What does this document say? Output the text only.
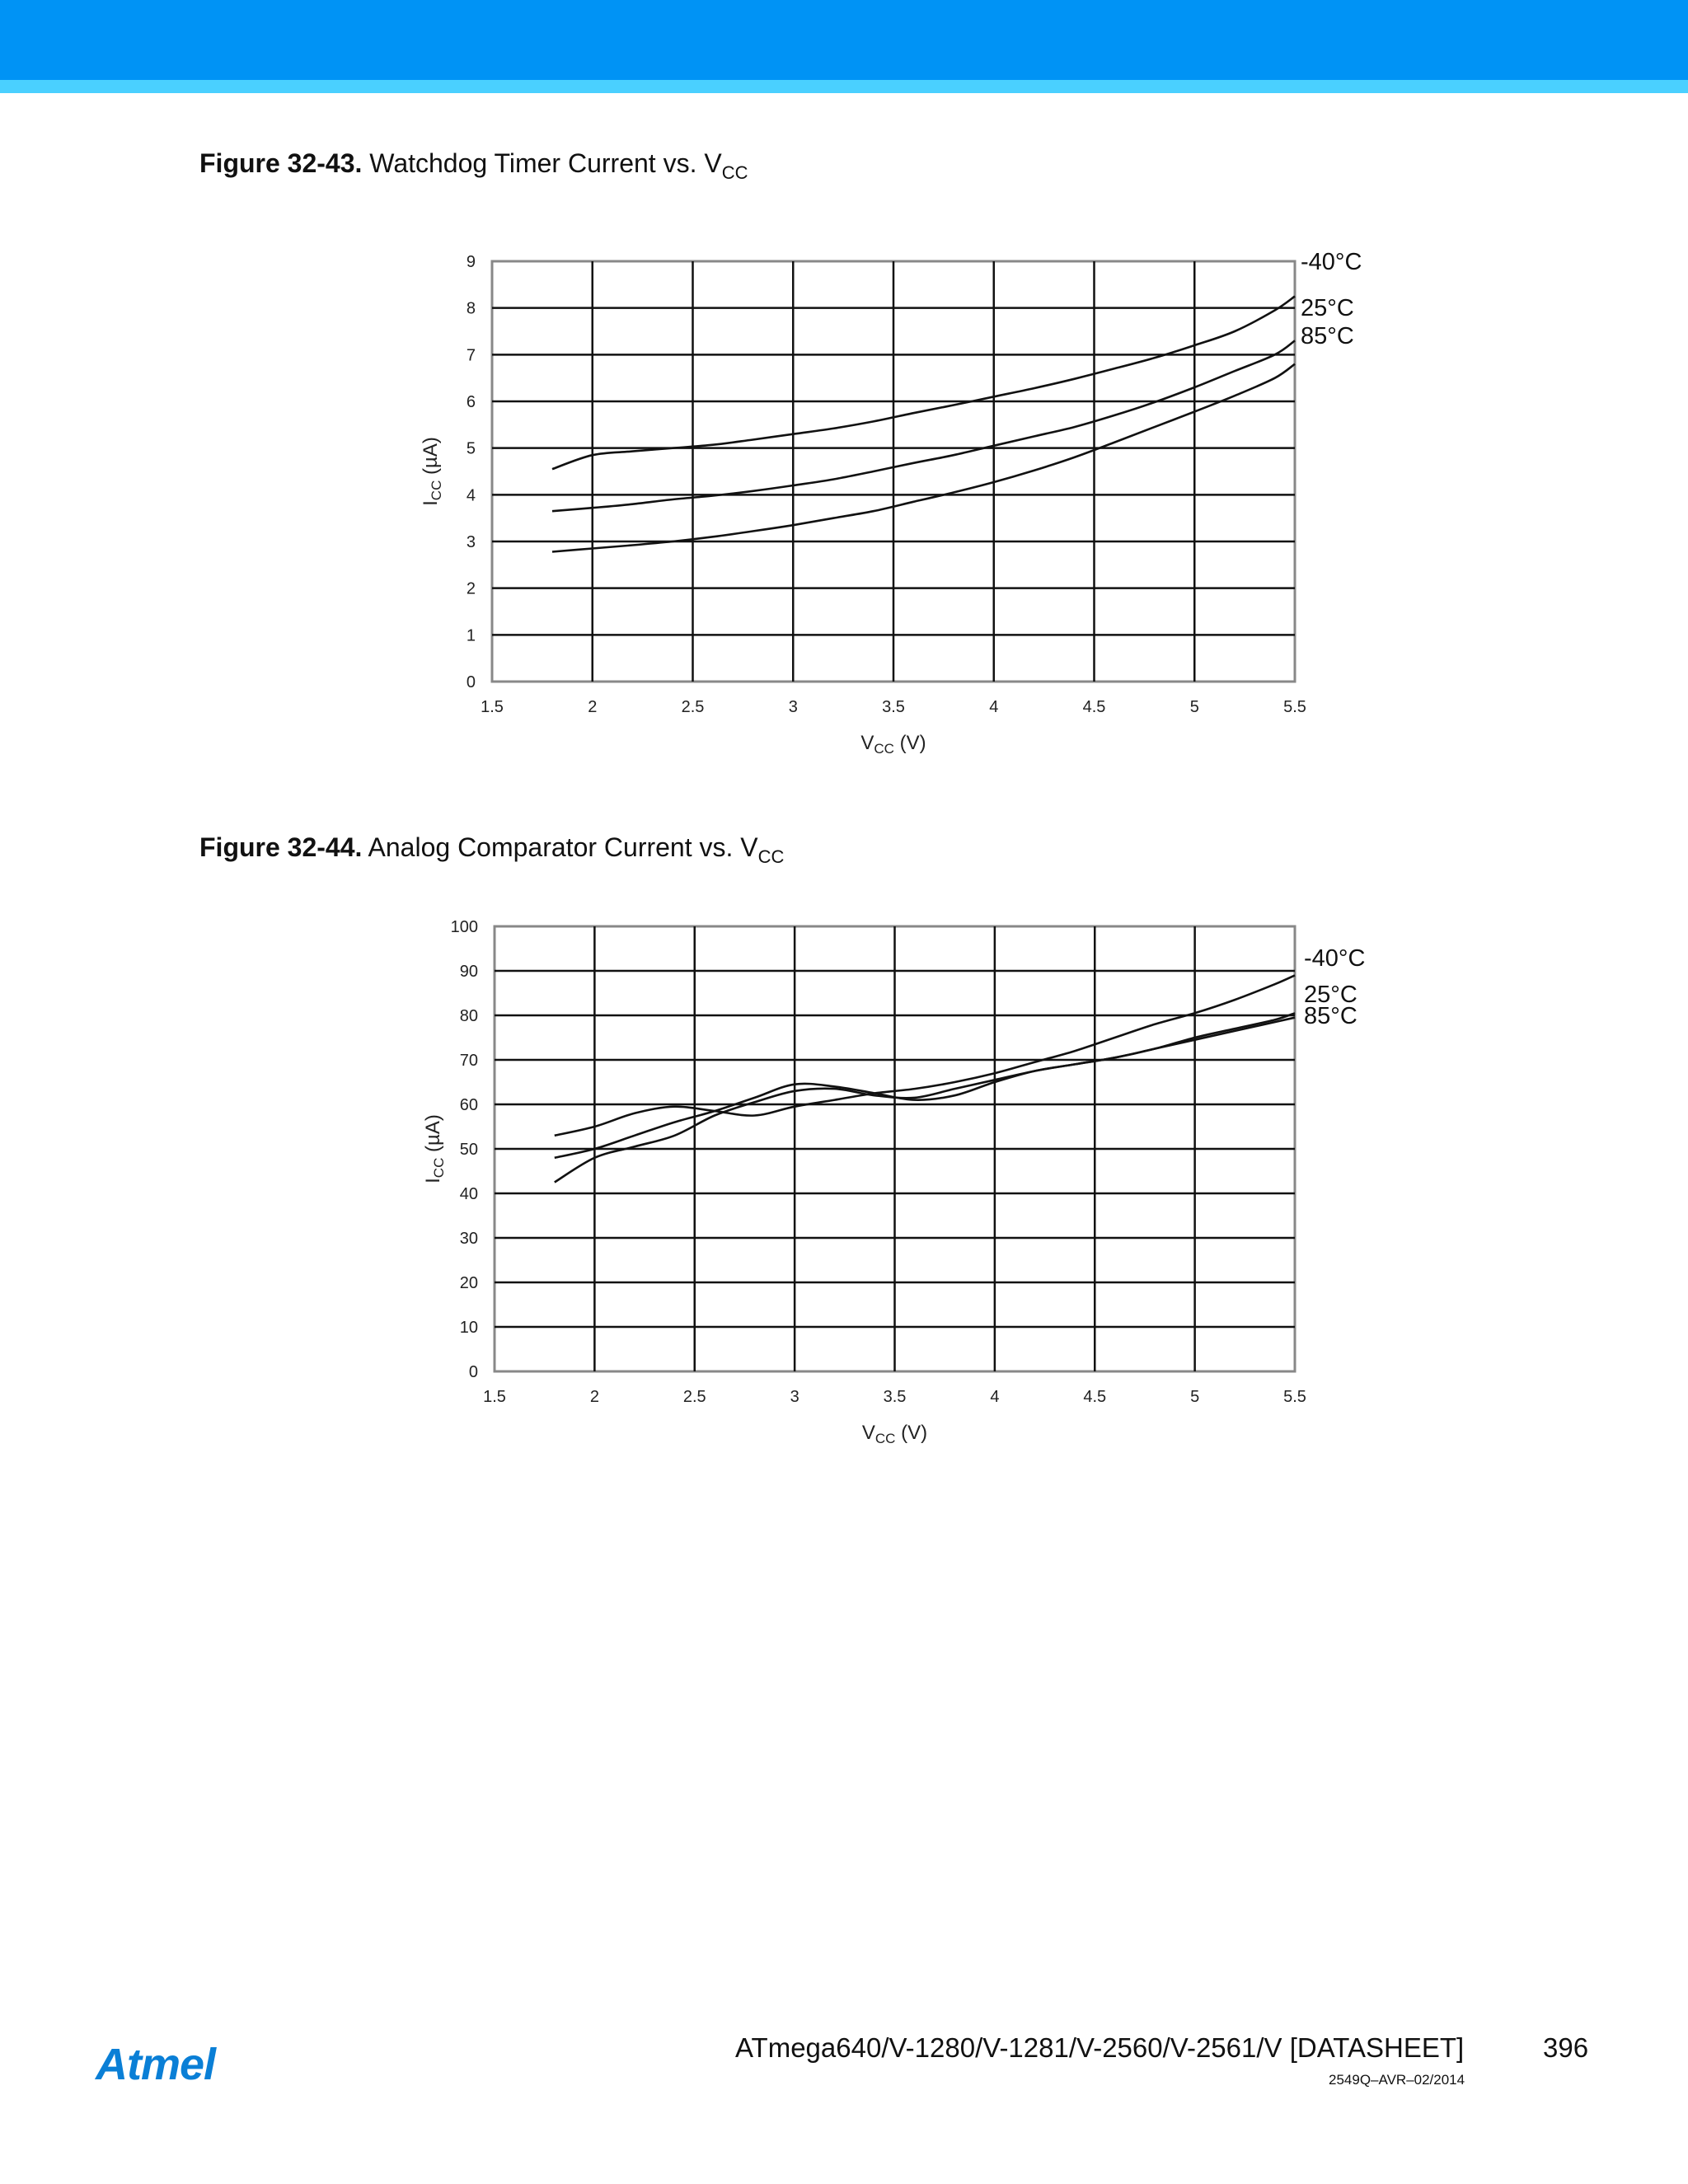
Figure 32-43. Watchdog Timer Current vs. $V_{CC}$
1.5	2	2.5	3	3.5	4	4.5	5	5.5
0
1
2
3
4
5
6
7
8
9
$V_{CC}$ (V)
$I_{CC}$ (µA)
-40°C
25°C
85°C
Figure 32-44. Analog Comparator Current vs. $V_{CC}$
1.5	2	2.5	3	3.5	4	4.5	5	5.5
0
10
20
30
40
50
60
70
80
90
100
$V_{CC}$ (V)
$I_{CC}$ (µA)
-40°C
25°C
85°C
Atmel	ATmega640/V-1280/V-1281/V-2560/V-2561/V [DATASHEET]	396
2549Q–AVR–02/2014
